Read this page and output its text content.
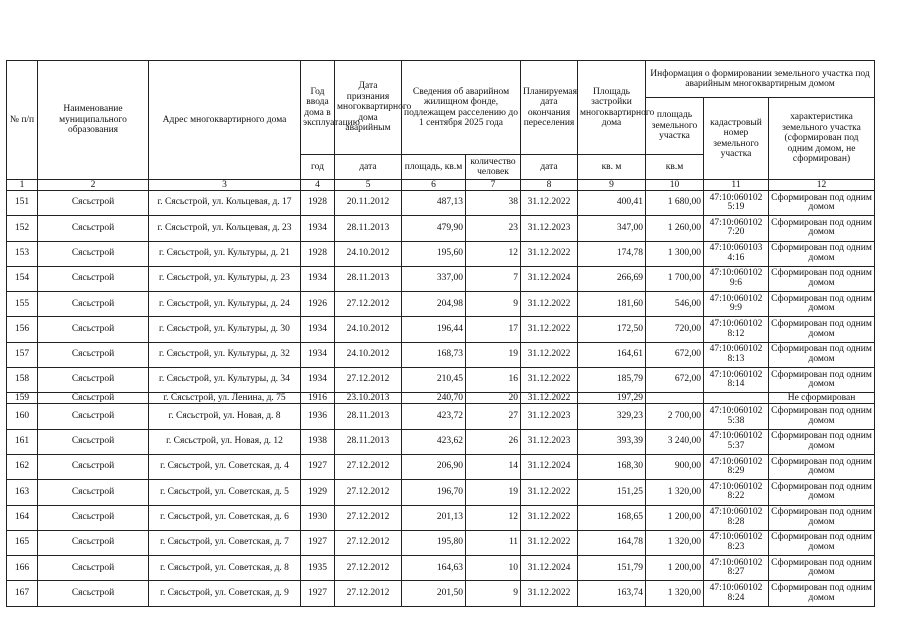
№ п/п	Наименование муниципального образования	Адрес многоквартирного дома	Год ввода дома в эксплуатацию	Дата признания многоквартирного дома аварийным	Сведения об аварийном жилищном фонде, подлежащем расселению до 1 сентября 2025 года		Планируемая дата окончания переселения	Площадь застройки многоквартирного дома	Информация о формировании земельного участка под аварийным многоквартирным домом		
									площадь земельного участка	кадастровый номер земельного участка	характеристика земельного участка (сформирован под одним домом, не сформирован)
			год	дата	площадь, кв.м	количество человек	дата	кв. м	кв.м		
1	2	3	4	5	6	7	8	9	10	11	12
151	Сясьстрой	г. Сясьстрой, ул. Кольцевая, д. 17	1928	20.11.2012	487,13	38	31.12.2022	400,41	1 680,00	47:10:060102 5:19	Сформирован под одним домом
152	Сясьстрой	г. Сясьстрой, ул. Кольцевая, д. 23	1934	28.11.2013	479,90	23	31.12.2023	347,00	1 260,00	47:10:060102 7:20	Сформирован под одним домом
153	Сясьстрой	г. Сясьстрой, ул. Культуры, д. 21	1928	24.10.2012	195,60	12	31.12.2022	174,78	1 300,00	47:10:060103 4:16	Сформирован под одним домом
154	Сясьстрой	г. Сясьстрой, ул. Культуры, д. 23	1934	28.11.2013	337,00	7	31.12.2024	266,69	1 700,00	47:10:060102 9:6	Сформирован под одним домом
155	Сясьстрой	г. Сясьстрой, ул. Культуры, д. 24	1926	27.12.2012	204,98	9	31.12.2022	181,60	546,00	47:10:060102 9:9	Сформирован под одним домом
156	Сясьстрой	г. Сясьстрой, ул. Культуры, д. 30	1934	24.10.2012	196,44	17	31.12.2022	172,50	720,00	47:10:060102 8:12	Сформирован под одним домом
157	Сясьстрой	г. Сясьстрой, ул. Культуры, д. 32	1934	24.10.2012	168,73	19	31.12.2022	164,61	672,00	47:10:060102 8:13	Сформирован под одним домом
158	Сясьстрой	г. Сясьстрой, ул. Культуры, д. 34	1934	27.12.2012	210,45	16	31.12.2022	185,79	672,00	47:10:060102 8:14	Сформирован под одним домом
159	Сясьстрой	г. Сясьстрой, ул. Ленина, д. 75	1916	23.10.2013	240,70	20	31.12.2022	197,29			Не сформирован
160	Сясьстрой	г. Сясьстрой, ул. Новая, д. 8	1936	28.11.2013	423,72	27	31.12.2023	329,23	2 700,00	47:10:060102 5:38	Сформирован под одним домом
161	Сясьстрой	г. Сясьстрой, ул. Новая, д. 12	1938	28.11.2013	423,62	26	31.12.2023	393,39	3 240,00	47:10:060102 5:37	Сформирован под одним домом
162	Сясьстрой	г. Сясьстрой, ул. Советская, д. 4	1927	27.12.2012	206,90	14	31.12.2024	168,30	900,00	47:10:060102 8:29	Сформирован под одним домом
163	Сясьстрой	г. Сясьстрой, ул. Советская, д. 5	1929	27.12.2012	196,70	19	31.12.2022	151,25	1 320,00	47:10:060102 8:22	Сформирован под одним домом
164	Сясьстрой	г. Сясьстрой, ул. Советская, д. 6	1930	27.12.2012	201,13	12	31.12.2022	168,65	1 200,00	47:10:060102 8:28	Сформирован под одним домом
165	Сясьстрой	г. Сясьстрой, ул. Советская, д. 7	1927	27.12.2012	195,80	11	31.12.2022	164,78	1 320,00	47:10:060102 8:23	Сформирован под одним домом
166	Сясьстрой	г. Сясьстрой, ул. Советская, д. 8	1935	27.12.2012	164,63	10	31.12.2024	151,79	1 200,00	47:10:060102 8:27	Сформирован под одним домом
167	Сясьстрой	г. Сясьстрой, ул. Советская, д. 9	1927	27.12.2012	201,50	9	31.12.2022	163,74	1 320,00	47:10:060102 8:24	Сформирован под одним домом
